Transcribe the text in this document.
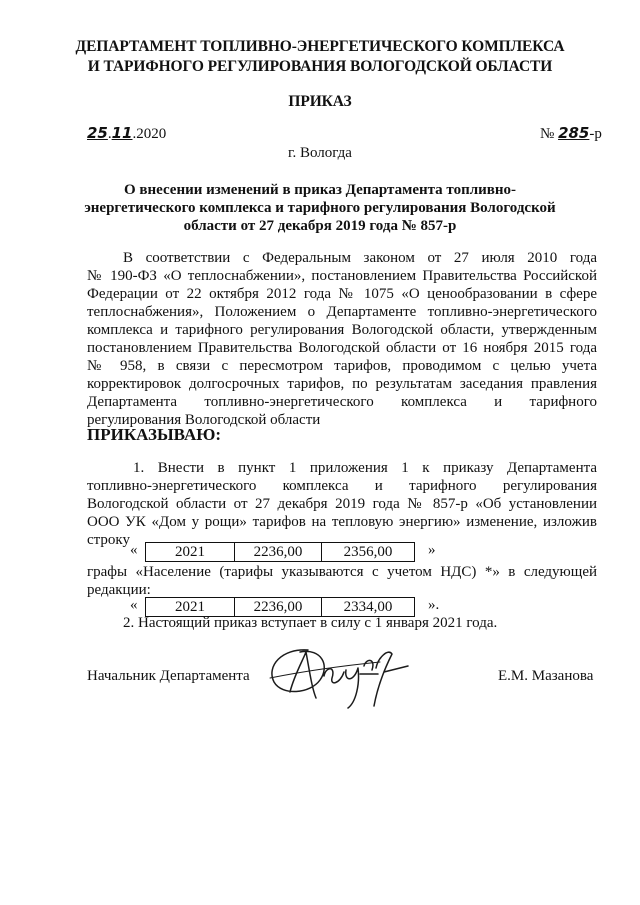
ДЕПАРТАМЕНТ ТОПЛИВНО-ЭНЕРГЕТИЧЕСКОГО КОМПЛЕКСА
И ТАРИФНОГО РЕГУЛИРОВАНИЯ ВОЛОГОДСКОЙ ОБЛАСТИ
ПРИКАЗ
25.11.2020	№ 285-р
г. Вологда
О внесении изменений в приказ Департамента топливно-
энергетического комплекса и тарифного регулирования Вологодской
области от 27 декабря 2019 года № 857-р
В соответствии с Федеральным законом от 27 июля 2010 года
№ 190-ФЗ «О теплоснабжении», постановлением Правительства Российской
Федерации от 22 октября 2012 года № 1075 «О ценообразовании в сфере
теплоснабжения», Положением о Департаменте топливно-энергетического
комплекса и тарифного регулирования Вологодской области, утвержденным
постановлением Правительства Вологодской области от 16 ноября 2015 года
№ 958, в связи с пересмотром тарифов, проводимом с целью учета
корректировок долгосрочных тарифов, по результатам заседания правления
Департамента топливно-энергетического комплекса и тарифного
регулирования Вологодской области
ПРИКАЗЫВАЮ:
1. Внести в пункт 1 приложения 1 к приказу Департамента
топливно-энергетического комплекса и тарифного регулирования
Вологодской области от 27 декабря 2019 года № 857-р «Об установлении
ООО УК «Дом у рощи» тарифов на тепловую энергию» изменение, изложив
строку
«	2021	2236,00	2356,00 »
графы «Население (тарифы указываются с учетом НДС) *» в следующей
редакции:
«	2021	2236,00	2334,00 ».
2. Настоящий приказ вступает в силу с 1 января 2021 года.
Начальник Департамента	Е.М. Мазанова
